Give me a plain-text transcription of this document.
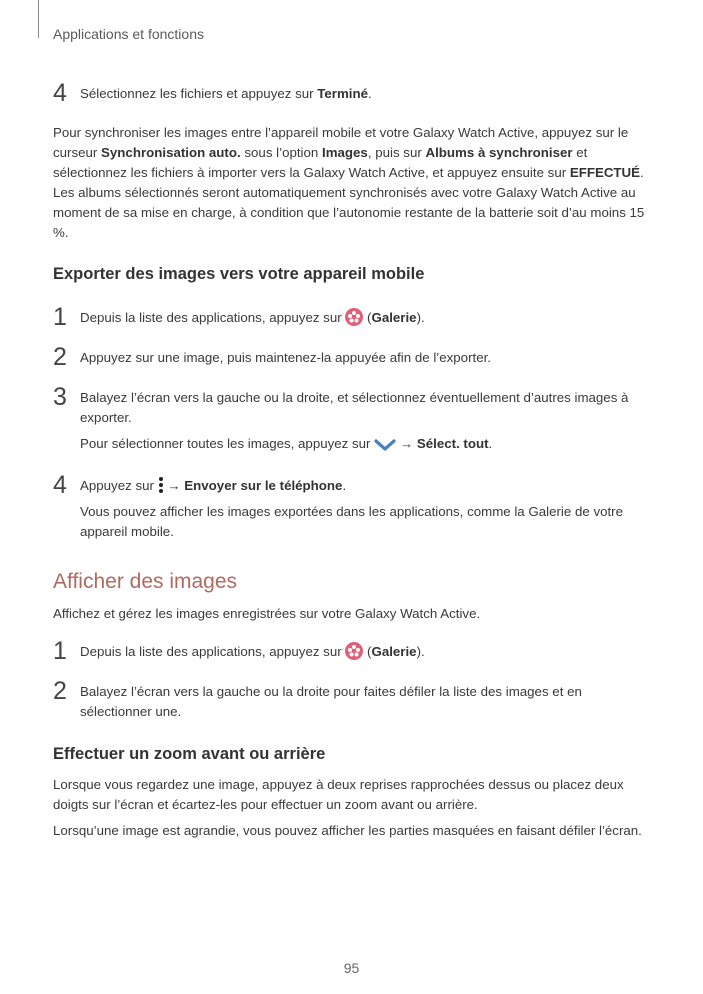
Applications et fonctions
4 Sélectionnez les fichiers et appuyez sur Terminé.
Pour synchroniser les images entre l’appareil mobile et votre Galaxy Watch Active, appuyez sur le curseur Synchronisation auto. sous l’option Images, puis sur Albums à synchroniser et sélectionnez les fichiers à importer vers la Galaxy Watch Active, et appuyez ensuite sur EFFECTUÉ. Les albums sélectionnés seront automatiquement synchronisés avec votre Galaxy Watch Active au moment de sa mise en charge, à condition que l’autonomie restante de la batterie soit d’au moins 15 %.
Exporter des images vers votre appareil mobile
1 Depuis la liste des applications, appuyez sur  (Galerie).
2 Appuyez sur une image, puis maintenez-la appuyée afin de l’exporter.
3 Balayez l’écran vers la gauche ou la droite, et sélectionnez éventuellement d’autres images à exporter.
Pour sélectionner toutes les images, appuyez sur  → Sélect. tout.
4 Appuyez sur  → Envoyer sur le téléphone.
Vous pouvez afficher les images exportées dans les applications, comme la Galerie de votre appareil mobile.
Afficher des images
Affichez et gérez les images enregistrées sur votre Galaxy Watch Active.
1 Depuis la liste des applications, appuyez sur  (Galerie).
2 Balayez l’écran vers la gauche ou la droite pour faites défiler la liste des images et en sélectionner une.
Effectuer un zoom avant ou arrière
Lorsque vous regardez une image, appuyez à deux reprises rapprochées dessus ou placez deux doigts sur l’écran et écartez-les pour effectuer un zoom avant ou arrière.
Lorsqu’une image est agrandie, vous pouvez afficher les parties masquées en faisant défiler l’écran.
95
